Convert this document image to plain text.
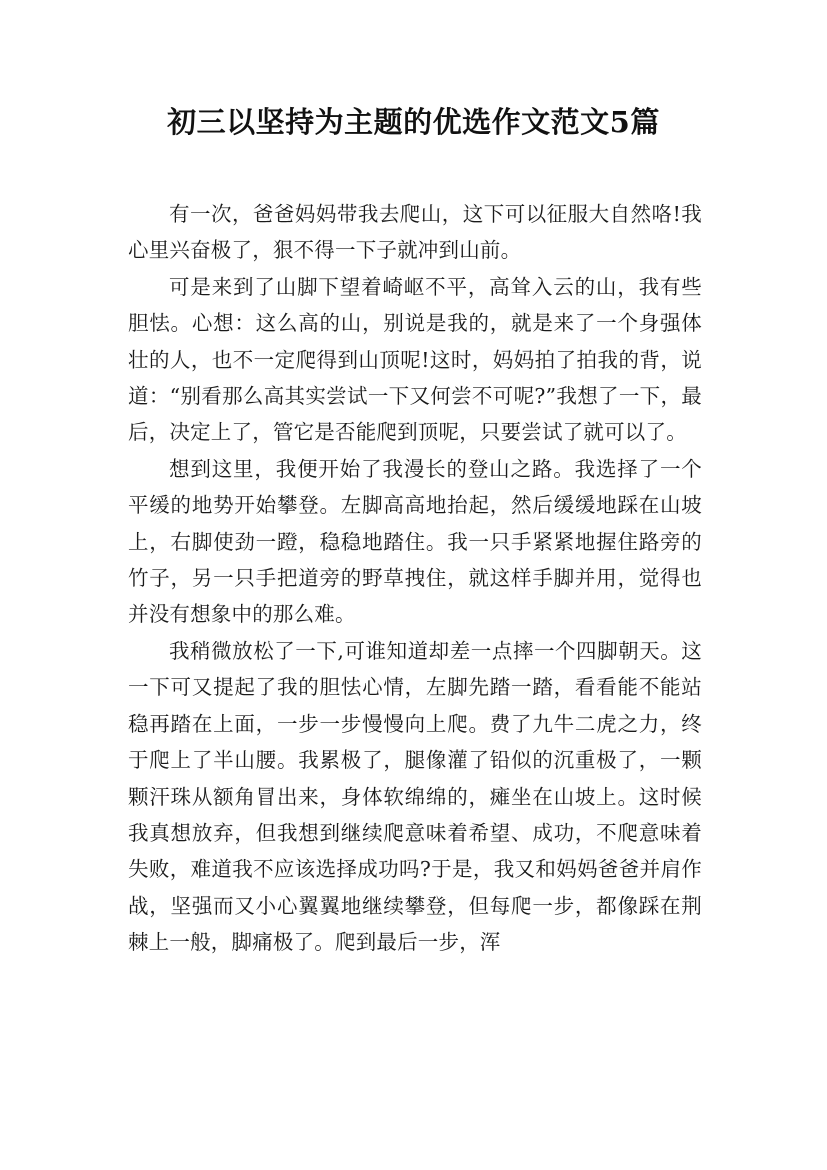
初三以坚持为主题的优选作文范文5篇

有一次，爸爸妈妈带我去爬山，这下可以征服大自然咯!我心里兴奋极了，狠不得一下子就冲到山前。

可是来到了山脚下望着崎岖不平，高耸入云的山，我有些胆怯。心想：这么高的山，别说是我的，就是来了一个身强体壮的人，也不一定爬得到山顶呢!这时，妈妈拍了拍我的背，说道：“别看那么高其实尝试一下又何尝不可呢?”我想了一下，最后，决定上了，管它是否能爬到顶呢，只要尝试了就可以了。

想到这里，我便开始了我漫长的登山之路。我选择了一个平缓的地势开始攀登。左脚高高地抬起，然后缓缓地踩在山坡上，右脚使劲一蹬，稳稳地踏住。我一只手紧紧地握住路旁的竹子，另一只手把道旁的野草拽住，就这样手脚并用，觉得也并没有想象中的那么难。

我稍微放松了一下,可谁知道却差一点摔一个四脚朝天。这一下可又提起了我的胆怯心情，左脚先踏一踏，看看能不能站稳再踏在上面，一步一步慢慢向上爬。费了九牛二虎之力，终于爬上了半山腰。我累极了，腿像灌了铅似的沉重极了，一颗颗汗珠从额角冒出来，身体软绵绵的，瘫坐在山坡上。这时候我真想放弃，但我想到继续爬意味着希望、成功，不爬意味着失败，难道我不应该选择成功吗?于是，我又和妈妈爸爸并肩作战，坚强而又小心翼翼地继续攀登，但每爬一步，都像踩在荆棘上一般，脚痛极了。爬到最后一步，浑
